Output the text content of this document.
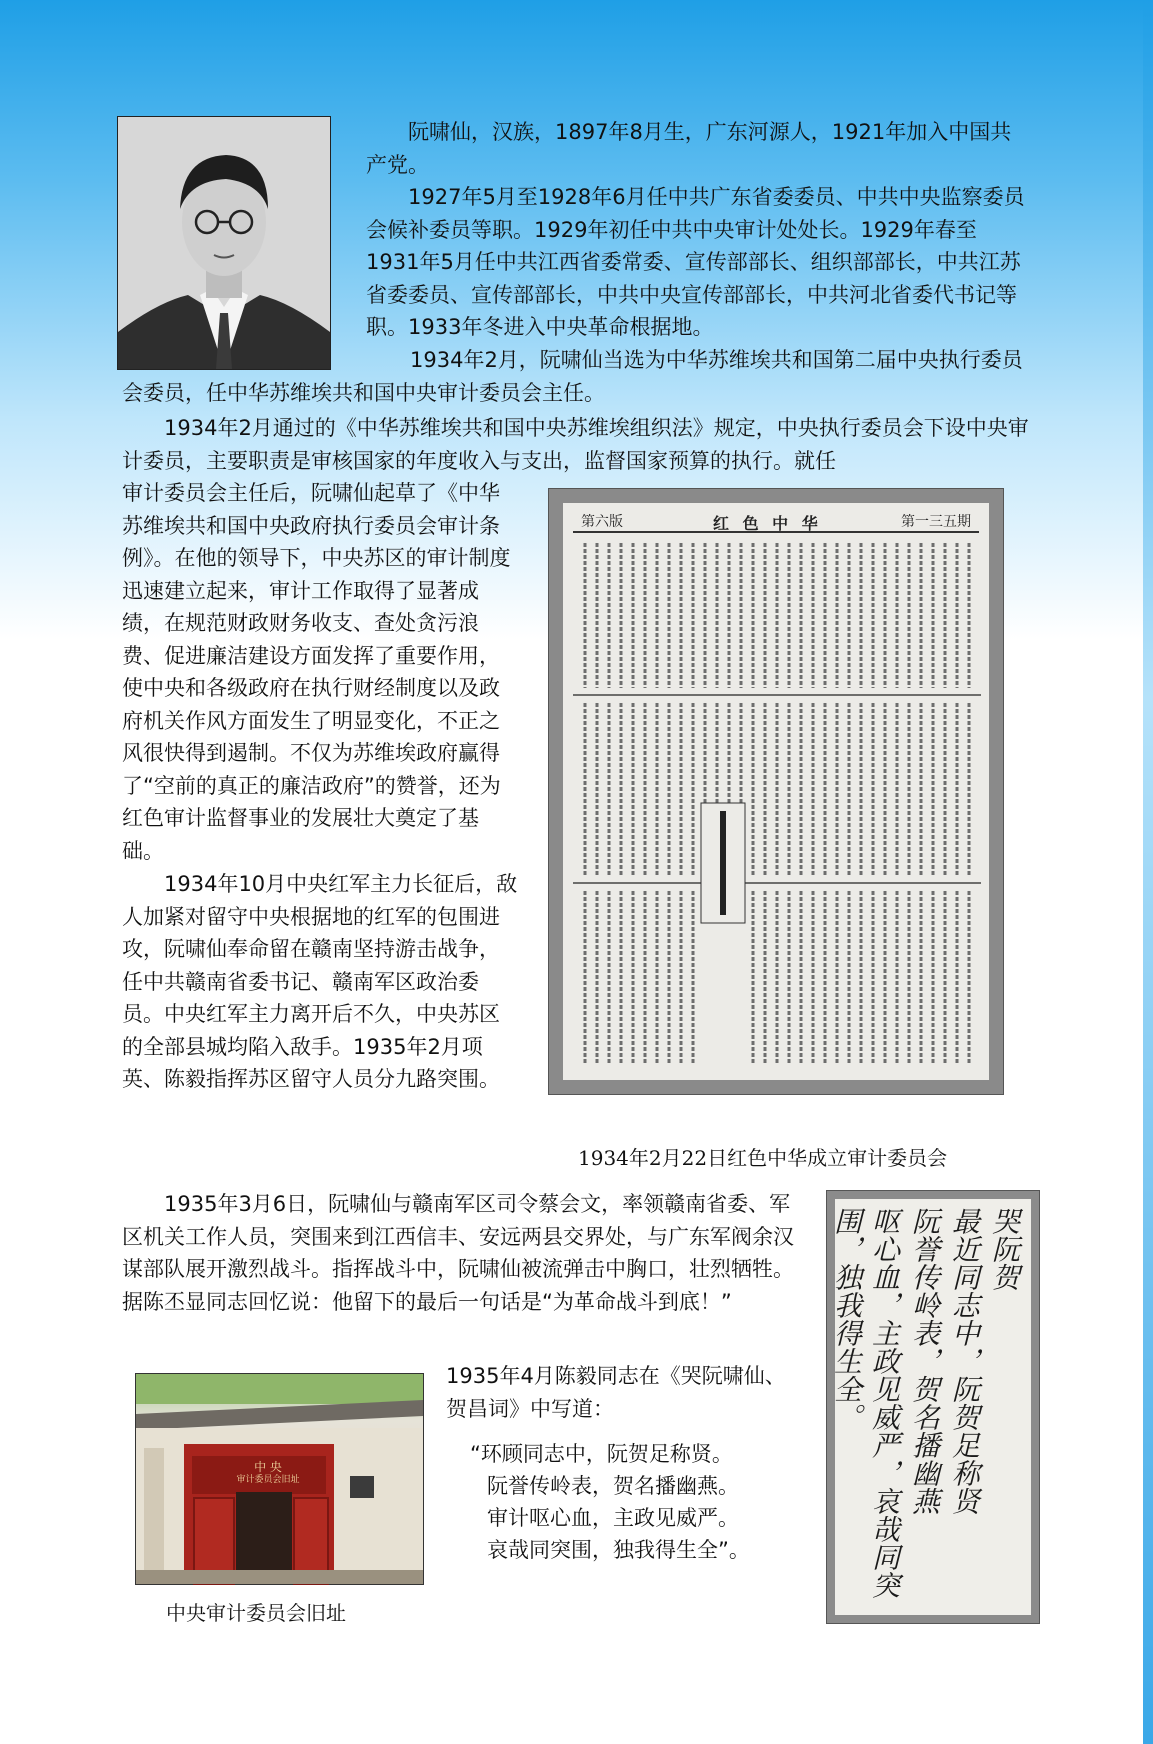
阮啸仙，汉族，1897年8月生，广东河源人，1921年加入中国共产党。

1927年5月至1928年6月任中共广东省委委员、中共中央监察委员会候补委员等职。1929年初任中共中央审计处处长。1929年春至1931年5月任中共江西省委常委、宣传部部长、组织部部长，中共江苏省委委员、宣传部部长，中共中央宣传部部长，中共河北省委代书记等职。1933年冬进入中央革命根据地。

1934年2月，阮啸仙当选为中华苏维埃共和国第二届中央执行委员会委员，任中华苏维埃共和国中央审计委员会主任。

1934年2月通过的《中华苏维埃共和国中央苏维埃组织法》规定，中央执行委员会下设中央审计委员，主要职责是审核国家的年度收入与支出，监督国家预算的执行。就任

审计委员会主任后，阮啸仙起草了《中华苏维埃共和国中央政府执行委员会审计条例》。在他的领导下，中央苏区的审计制度迅速建立起来，审计工作取得了显著成绩，在规范财政财务收支、查处贪污浪费、促进廉洁建设方面发挥了重要作用，使中央和各级政府在执行财经制度以及政府机关作风方面发生了明显变化，不正之风很快得到遏制。不仅为苏维埃政府赢得了“空前的真正的廉洁政府”的赞誉，还为红色审计监督事业的发展壮大奠定了基础。

1934年10月中央红军主力长征后，敌人加紧对留守中央根据地的红军的包围进攻，阮啸仙奉命留在赣南坚持游击战争，任中共赣南省委书记、赣南军区政治委员。中央红军主力离开后不久，中央苏区的全部县城均陷入敌手。1935年2月项英、陈毅指挥苏区留守人员分九路突围。

第六版	红 色 中 华	第一三五期
1934年2月22日红色中华成立审计委员会

1935年3月6日，阮啸仙与赣南军区司令蔡会文，率领赣南省委、军区机关工作人员，突围来到江西信丰、安远两县交界处，与广东军阀余汉谋部队展开激烈战斗。指挥战斗中，阮啸仙被流弹击中胸口，壮烈牺牲。据陈丕显同志回忆说：他留下的最后一句话是“为革命战斗到底！”

1935年4月陈毅同志在《哭阮啸仙、贺昌词》中写道：

“环顾同志中，阮贺足称贤。

阮誉传岭表，贺名播幽燕。

审计呕心血，主政见威严。

哀哉同突围，独我得生全”。

中 央
审计委员会旧址
中央审计委员会旧址
哭阮贺
最近同志中，阮贺足称贤
阮誉传岭表，贺名播幽燕
呕心血，主政见威严，哀哉同突
围，独我得生全。
